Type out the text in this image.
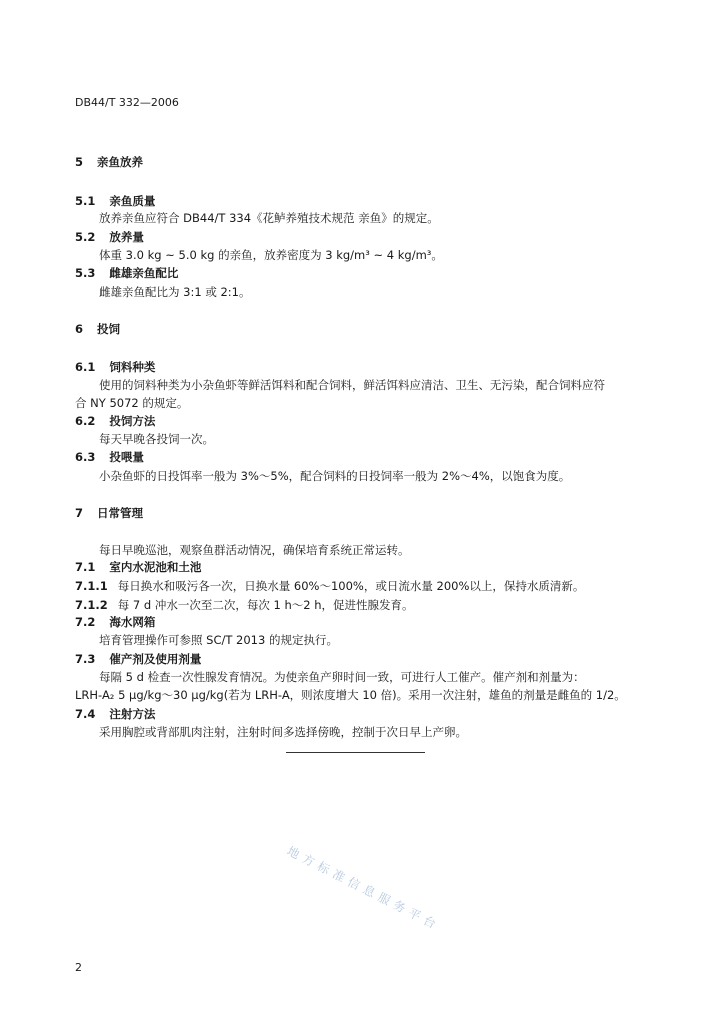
DB44/T 332—2006
5 亲鱼放养
5.1 亲鱼质量
放养亲鱼应符合 DB44/T 334《花鲈养殖技术规范 亲鱼》的规定。
5.2 放养量
体重 3.0 kg ~ 5.0 kg 的亲鱼，放养密度为 3 kg/m³ ~ 4 kg/m³。
5.3 雌雄亲鱼配比
雌雄亲鱼配比为 3:1 或 2:1。
6 投饲
6.1 饲料种类
使用的饲料种类为小杂鱼虾等鲜活饵料和配合饲料，鲜活饵料应清洁、卫生、无污染，配合饲料应符
合 NY 5072 的规定。
6.2 投饲方法
每天早晚各投饲一次。
6.3 投喂量
小杂鱼虾的日投饵率一般为 3%～5%，配合饲料的日投饲率一般为 2%～4%，以饱食为度。
7 日常管理
每日早晚巡池，观察鱼群活动情况，确保培育系统正常运转。
7.1 室内水泥池和土池
7.1.1 每日换水和吸污各一次，日换水量 60%～100%，或日流水量 200%以上，保持水质清新。
7.1.2 每 7 d 冲水一次至二次，每次 1 h～2 h，促进性腺发育。
7.2 海水网箱
培育管理操作可参照 SC/T 2013 的规定执行。
7.3 催产剂及使用剂量
每隔 5 d 检查一次性腺发育情况。为使亲鱼产卵时间一致，可进行人工催产。催产剂和剂量为：
LRH-A₂ 5 μg/kg～30 μg/kg(若为 LRH-A，则浓度增大 10 倍)。采用一次注射，雄鱼的剂量是雌鱼的 1/2。
7.4 注射方法
采用胸腔或背部肌肉注射，注射时间多选择傍晚，控制于次日早上产卵。
地方标准信息服务平台
2
